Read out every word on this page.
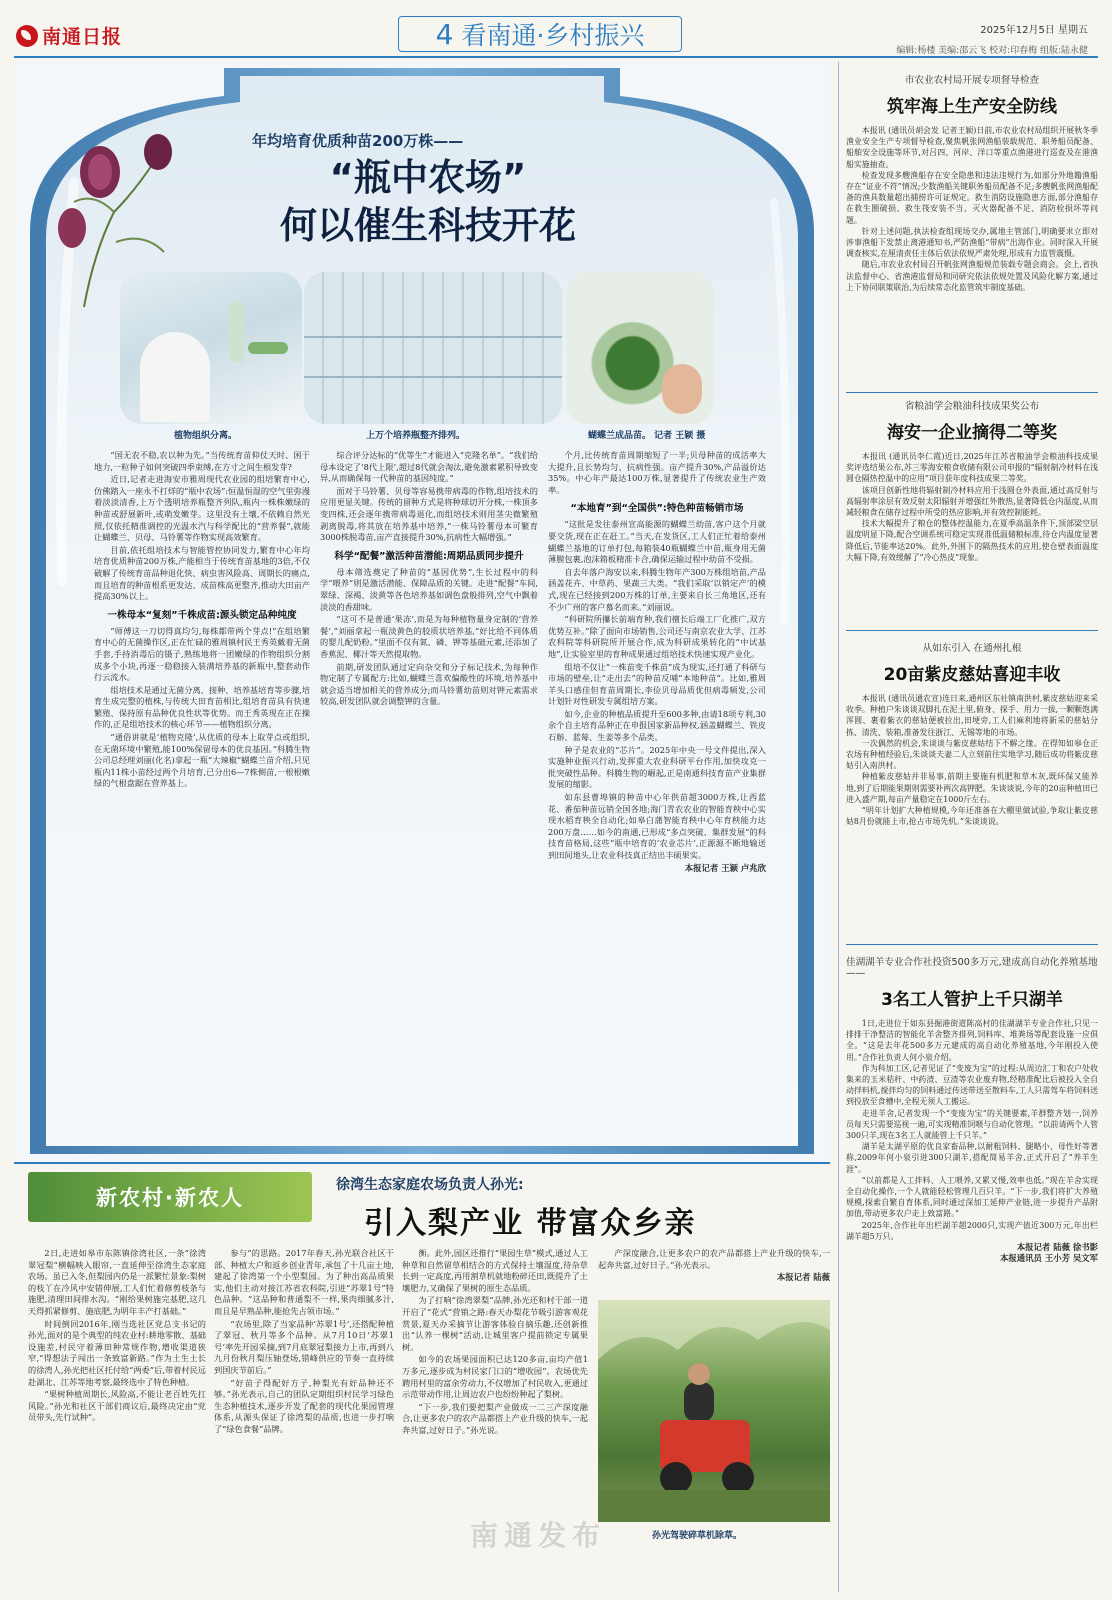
南通日报	4 看南通·乡村振兴	2025年12月5日 星期五
编辑:杨楼 美编:邵云飞 校对:印春梅 组版:陆永健
年均培育优质种苗200万株——
“瓶中农场”
何以催生科技开花
植物组织分离。	上万个培养瓶整齐排列。	蝴蝶兰成品苗。 记者 王颖 摄

“国无农不稳,农以种为先。”当传统育苗仰仗天时、困于地力,一粒种子如何突破四季束缚,在方寸之间生根发芽?

近日,记者走进海安市雅周现代农业园的组培繁育中心,仿佛踏入一座永不打烊的“瓶中农场”:恒温恒湿的空气里弥漫着淡淡清香,上万个透明培养瓶整齐列队,瓶内一株株嫩绿的种苗或舒展新叶,或萌发嫩芽。这里没有土壤,不依赖自然光照,仅依托精准调控的光温水汽与科学配比的“营养餐”,就能让蝴蝶兰、贝母、马铃薯等作物实现高效繁育。

目前,依托组培技术与智能管控协同发力,繁育中心年均培育优质种苗200万株,产能相当于传统育苗基地的3倍,不仅破解了传统育苗品种退化快、病虫害风险高、周期长的痛点,而且培育的种苗根系更发达、成苗株高更整齐,推动大田亩产提高30%以上。

一株母本“复刻”千株成苗:源头锁定品种纯度

“师傅这一刀切得真均匀,每株都带两个芽点!”在组培繁育中心的无菌操作区,正在忙碌的雅周镇村民王秀英戴着无菌手套,手持消毒后的镊子,熟练地将一团嫩绿的作物组织分割成多个小块,再逐一稳稳接入装满培养基的新瓶中,整套动作行云流水。

组培技术是通过无菌分离、接种、培养基培育等步骤,培育生成完整的植株,与传统大田育苗相比,组培育苗具有快速繁殖、保持原有品种优良性状等优势。而王秀英现在正在操作的,正是组培技术的核心环节——植物组织分离。

“通俗讲就是‘植物克隆’,从优质的母本上取芽点或组织,在无菌环境中繁殖,能100%保留母本的优良基因。”科腾生物公司总经理刘丽(化名)拿起一瓶“大辣椒”蝴蝶兰苗介绍,只见瓶内11株小苗经过两个月培育,已分出6—7株侧苗,一根根嫩绿的气根盘踞在营养基上。

综合评分达标的“优等生”才能进入“克隆名单”。“我们给母本设定了‘8代上限’,超过8代就会淘汰,避免激素累积导致变异,从而确保每一代种苗的基因纯度。”

面对于马铃薯、贝母等容易携带病毒的作物,组培技术的应用更显关键。传统的留种方式是将种球切开分株,一株顶多变四株,还会逐年携带病毒退化,而组培技术则用茎尖微繁殖剥离脱毒,将其放在培养基中培养,“一株马铃薯母本可繁育3000株脱毒苗,亩产直接提升30%,抗病性大幅增强。”

科学“配餐”激活种苗潜能:周期品质同步提升

母本筛选奠定了种苗的“基因优势”,生长过程中的科学“喂养”则是激活潜能、保障品质的关键。走进“配餐”车间,翠绿、深褐、淡黄等各色培养基如调色盘般排列,空气中飘着淡淡的香甜味。

“这可不是普通‘果冻’,而是为每种植物量身定制的‘营养餐’,”刘丽拿起一瓶淡黄色的胶质状培养基,“好比给不同体质的婴儿配奶粉。”里面不仅有氮、磷、钾等基础元素,还添加了香蕉泥、椰汁等天然提取物。

前期,研发团队通过定向杂交和分子标记技术,为每种作物定制了专属配方:比如,蝴蝶兰喜欢偏酸性的环境,培养基中就会适当增加相关的营养成分;而马铃薯幼苗则对钾元素需求较高,研发团队就会调整钾的含量。

个月,比传统育苗周期缩短了一半;贝母种苗的成活率大大提升,且长势均匀、抗病性强。亩产提升30%,产品溢价达35%。中心年产最达100万株,显著提升了传统农业生产效率。

“本地育”到“全国供”:特色种苗畅销市场

“这批是发往泰州宣高能源的蝴蝶兰幼苗,客户这个月就要交货,现在正在赶工。”当天,在发货区,工人们正忙着给泰州蝴蝶兰基地的订单打包,每箱装40瓶蝴蝶兰中苗,瓶身用无菌薄膜包裹,泡沫箱板精准卡合,确保运输过程中幼苗不受损。

自去年落户海安以来,科腾生物年产300万株组培苗,产品涵盖花卉、中草药、果蔬三大类。“我们采取‘以销定产’的模式,现在已经接到200万株的订单,主要来自长三角地区,还有不少广州的客户慕名而来。”刘丽说。

“科研院所攥长前端育种,我们擅长后端工厂化推广,双方优势互补。”除了面向市场销售,公司还与南京农业大学、江苏农科院等科研院所开展合作,成为科研成果转化的“中试基地”,让实验室里的育种成果通过组培技术快速实现产业化。

组培不仅让“一株苗变千株苗”成为现实,还打通了科研与市场的壁垒,让“走出去”的种苗反哺“本地种苗”。比如,雅周羊头口感佳但育苗周期长,李俭贝母品质优但病毒频发,公司计划针对性研发专属组培方案。

如今,企业的种植品质提升至600多种,由请18项专利,30余个自主培育品种正在申报国家新品种权,涵盖蝴蝶兰、铁皮石斛、蓝莓、生姜等多个品类。

种子是农业的“芯片”。2025年中央一号文件提出,深入实施种业振兴行动,发挥重大农业科研平台作用,加快攻克一批突破性品种。科腾生物的崛起,正是南通科技育苗产业集群发展的缩影。

如东县曹埠镇的种苗中心年供苗超3000万株,让西蓝花、番茄种苗远销全国各地;海门青农农业的智能育秧中心实现水稻育秧全自动化;如皋白蒲智能育秧中心年育秧能力达200万盘……如今的南通,已形成“多点突破、集群发展”的科技育苗格局,这些“瓶中培育的‘农业芯片’,正源源不断地输送到田间地头,让农业科技真正结出丰硕果实。

本报记者 王颖 卢兆欣
市农业农村局开展专项督导检查
筑牢海上生产安全防线

本报讯 (通讯员胡会发 记者王颖)日前,市农业农村局组织开展秋冬季渔业安全生产专项督导检查,聚焦帆张网渔船装载规范、职务船员配备、船舶安全设施等环节,对吕四、河岸、洋口等重点渔港进行巡查及在港渔船实施抽查。

检查发现多艘渔船存在安全隐患和违法违规行为,如部分外地籍渔船存在“证业不符”情况;少数渔船关键职务船员配备不足;多艘帆张网渔船配备的渔具数量超出捕捞许可证规定。救生消防设施隐患方面,部分渔船存在救生圈破损、救生筏安装不当、灭火器配备不足、消防栓损坏等问题。

针对上述问题,执法检查组现场交办,属地主管部门,明确要求立即对涉事渔船下发禁止离港通知书,严防渔船“带病”出海作业。同时深入开展调查核实,在厘清责任主体后依法依规严肃处理,形成有力监管震慑。

随后,市农业农村局召开帆张网渔船规范装载专题会商会。会上,省执法监督中心、省渔港监督局和同研究依法依规处置及风险化解方案,通过上下协同联策联治,为后续常态化监管筑牢制度基础。

省粮油学会粮油科技成果奖公布
海安一企业摘得二等奖

本报讯 (通讯员李仁霞)近日,2025年江苏省粮油学会粮油科技成果奖评选结果公布,苏三零海安粮食收储有限公司申报的“辐射制冷材料在浅圆仓隔热控温中的应用”项目获年度科技成果二等奖。

该项目创新性地将辐射制冷材料应用于浅圆仓外表面,通过高反射与高辐射率涂层有效反射太阳辐射并增强红外散热,显著降低仓内温度,从而减轻粮食在储存过程中所受的热应影响,并有效控制能耗。

技术大幅提升了粮仓的整体控温能力,在夏季高温条件下,顶部梁空层温度明显下降,配合空调系统可稳定实现准低温储粮标准,待仓内温度显著降低后,节能率达20%。此外,外围下的隔热技术的应用,使仓壁表面温度大幅下降,有效缓解了“冷心热皮”现象。

从如东引入 在通州扎根
20亩紫皮慈姑喜迎丰收

本报讯 (通讯员通农宣)连日来,通州区东社镇南洪村,紫皮慈姑迎来采收季。种植户朱谈谈双脚扎在泥土里,俯身、探手、用力一拔,一颗颗饱满浑圆、裹着紫衣的慈姑便被拉出,田埂旁,工人们麻利地将新采的慈姑分拣、清洗、装箱,准备发往浙江、无锡等地的市场。

一次偶然的机会,朱谈谈与紫皮慈姑结下不解之缘。在得知如皋仓正农场有种植经验后,朱谈谈夫妻二人立刻前往实地学习,随后成功将紫皮慈姑引入南洪村。

种植紫皮慈姑并非易事,前期主要施有机肥和草木灰,既环保又能养地,到了后期能果期则需要补两次高钾肥。朱谈谈说,今年的20亩种植田已进入盛产期,每亩产量稳定在1000斤左右。

“明年计划扩大种植规模,今年还准备在大棚里做试验,争取让紫皮慈姑8月份就能上市,抢占市场先机。”朱谈谈说。

佳湖湖羊专业合作社投资500多万元,建成高自动化养殖基地——
3名工人管护上千只湖羊

1日,走进位于如东县掘港街道陈高村的佳湖湖羊专业合作社,只见一排排干净整洁的智能化羊舍整齐排列,饲料库、堆粪场等配套设施一应俱全。“这是去年花500多万元建成的高自动化养殖基地,今年刚投入使用。”合作社负责人何小泉介绍。

作为科加工区,记者见证了“变废为宝”的过程:从周边汇丁和农户处收集来的玉米秸秆、中药渣、豆渣等农业废弃物,经精准配比后被投入全自动拌料机,搅拌均匀的饲料通过传送带送至散料车,工人只需驾车将饲料送到投放至食槽中,全程无须人工搬运。

走进羊舍,记者发现一个“变废为宝”的关键要素,羊群整齐划一,饲养员每天只需要巡视一遍,可实现精准饲喂与自动化管理。“以前请两个人管300只羊,现在3名工人就能管上千只羊。”

湖羊是太湖平原的优良家畜品种,以耐粗饲料、腿略小、母性好等著称,2009年何小泉引进300只湖羊,搭配简易羊舍,正式开启了“养羊生涯”。

“以前都是人工拌料、人工喂养,又累又慢,效率也低。”现在羊舍实现全自动化操作,一个人就能轻松管理几百只羊。“下一步,我们将扩大养殖规模,探索自繁自育体系,同时通过深加工延伸产业链,进一步提升产品附加值,带动更多农户走上致富路。”

2025年,合作社年出栏湖羊超2000只,实现产值近300万元,年出栏湖羊超5万只。

本报记者 陆薇 徐书影
本报通讯员 王小芳 吴文军
新农村·新农人
徐湾生态家庭农场负责人孙光:
引入梨产业 带富众乡亲

2日,走进如皋市东陈镇徐湾社区,一条“徐湾翠冠梨”横幅映入眼帘,一直延伸至徐湾生态家庭农场。虽已入冬,但梨园内仍是一派繁忙景象:梨树的枝丫在冷风中安错伸展,工人们忙着修剪枝条与施肥,清理田间排水沟。“刚给果树施完基肥,这几天得抓紧修剪、施底肥,为明年丰产打基础。”

时间倒回2016年,刚当选社区党总支书记的孙光,面对的是个典型的纯农业村:耕地零散、基础设施差,村民守着薄田种常规作物,增收渠道狭窄,“得想法子闯出一条致富新路。”作为土生土长的徐湾人,孙光把社区托付给“两委”后,带着村民远赴湖北、江苏等地考察,最终选中了特色种植。

“果树种植周期长,风险高,不能让老百姓先扛风险。”孙光和社区干部们商议后,最终决定由“党员带头,先行试种”。

参与”的思路。2017年春天,孙光联合社区干部、种植大户和返乡创业青年,承包了十几亩土地,建起了徐湾第一个小型梨园。为了种出高品质果实,他们主动对接江苏省农科院,引进“苏翠1号”特色品种。“这品种和普通梨不一样,果肉细腻多汁,而且是早熟品种,能抢先占领市场。”

“农场里,除了当家品种‘苏翠1号’,还搭配种植了翠冠、秋月等多个品种。从7月10日‘苏翠1号’率先开园采摘,到7月底翠冠梨接力上市,再到八九月份秋月梨压轴登场,错峰供应的节奏一直持续到国庆节前后。”

“好苗子得配好方子,种梨光有好品种还不够。”孙光表示,自己的团队定期组织村民学习绿色生态种植技术,逐步开发了配套的现代化果园管理体系,从源头保证了徐湾梨的品质,也进一步打响了“绿色食餐”品牌。

衡。此外,园区还推行“果园生草”模式,通过人工种草和自然留草相结合的方式保持土壤湿度,待杂草长到一定高度,再用割草机就地粉碎还田,既提升了土壤肥力,又确保了果树的原生态品质。

为了打响“徐湾翠梨”品牌,孙光还和村干部一道开启了“花式”营销之路:春天办梨花节吸引游客观花赏景,夏天办采摘节让游客体验自摘乐趣,还创新推出“认养一棵树”活动,让城里客户提前锁定专属果树。

如今的农场果园面积已达120多亩,亩均产值1万多元,逐步成为村民家门口的“增收园”。农场优先聘用村里的富余劳动力,不仅增加了村民收入,更通过示范带动作用,让周边农户也纷纷种起了梨树。

“下一步,我们要把梨产业做成一二三产深度融合,让更多农户的农产品都搭上产业升级的快车,一起奔共富,过好日子。”孙光说。

产深度融合,让更多农户的农产品都搭上产业升级的快车,一起奔共富,过好日子。”孙光表示。

本报记者 陆薇
孙光驾驶碎草机除草。
南通发布
